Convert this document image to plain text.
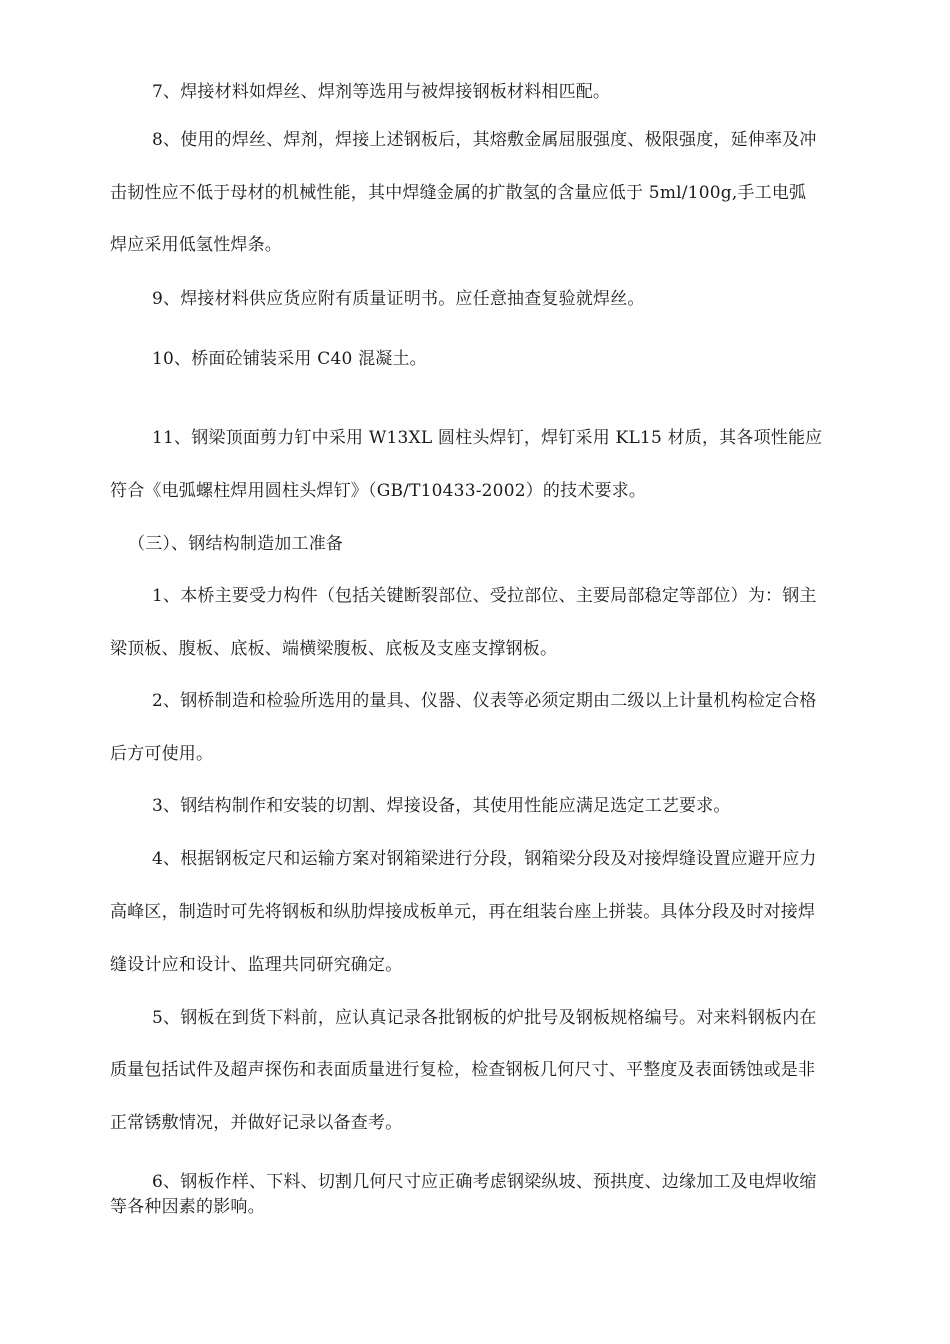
7、焊接材料如焊丝、焊剂等选用与被焊接钢板材料相匹配。
8、使用的焊丝、焊剂，焊接上述钢板后，其熔敷金属屈服强度、极限强度，延伸率及冲
击韧性应不低于母材的机械性能，其中焊缝金属的扩散氢的含量应低于 5ml/100g,手工电弧
焊应采用低氢性焊条。
9、焊接材料供应货应附有质量证明书。应任意抽查复验就焊丝。
10、桥面砼铺装采用 C40 混凝土。
11、钢梁顶面剪力钉中采用 W13XL 圆柱头焊钉，焊钉采用 KL15 材质，其各项性能应
符合《电弧螺柱焊用圆柱头焊钉》（GB/T10433-2002）的技术要求。
（三）、钢结构制造加工准备
1、本桥主要受力构件（包括关键断裂部位、受拉部位、主要局部稳定等部位）为：钢主
梁顶板、腹板、底板、端横梁腹板、底板及支座支撑钢板。
2、钢桥制造和检验所选用的量具、仪器、仪表等必须定期由二级以上计量机构检定合格
后方可使用。
3、钢结构制作和安装的切割、焊接设备，其使用性能应满足选定工艺要求。
4、根据钢板定尺和运输方案对钢箱梁进行分段，钢箱梁分段及对接焊缝设置应避开应力
高峰区，制造时可先将钢板和纵肋焊接成板单元，再在组装台座上拼装。具体分段及时对接焊
缝设计应和设计、监理共同研究确定。
5、钢板在到货下料前，应认真记录各批钢板的炉批号及钢板规格编号。对来料钢板内在
质量包括试件及超声探伤和表面质量进行复检，检查钢板几何尺寸、平整度及表面锈蚀或是非
正常锈敷情况，并做好记录以备查考。
6、钢板作样、下料、切割几何尺寸应正确考虑钢梁纵坡、预拱度、边缘加工及电焊收缩
等各种因素的影响。
